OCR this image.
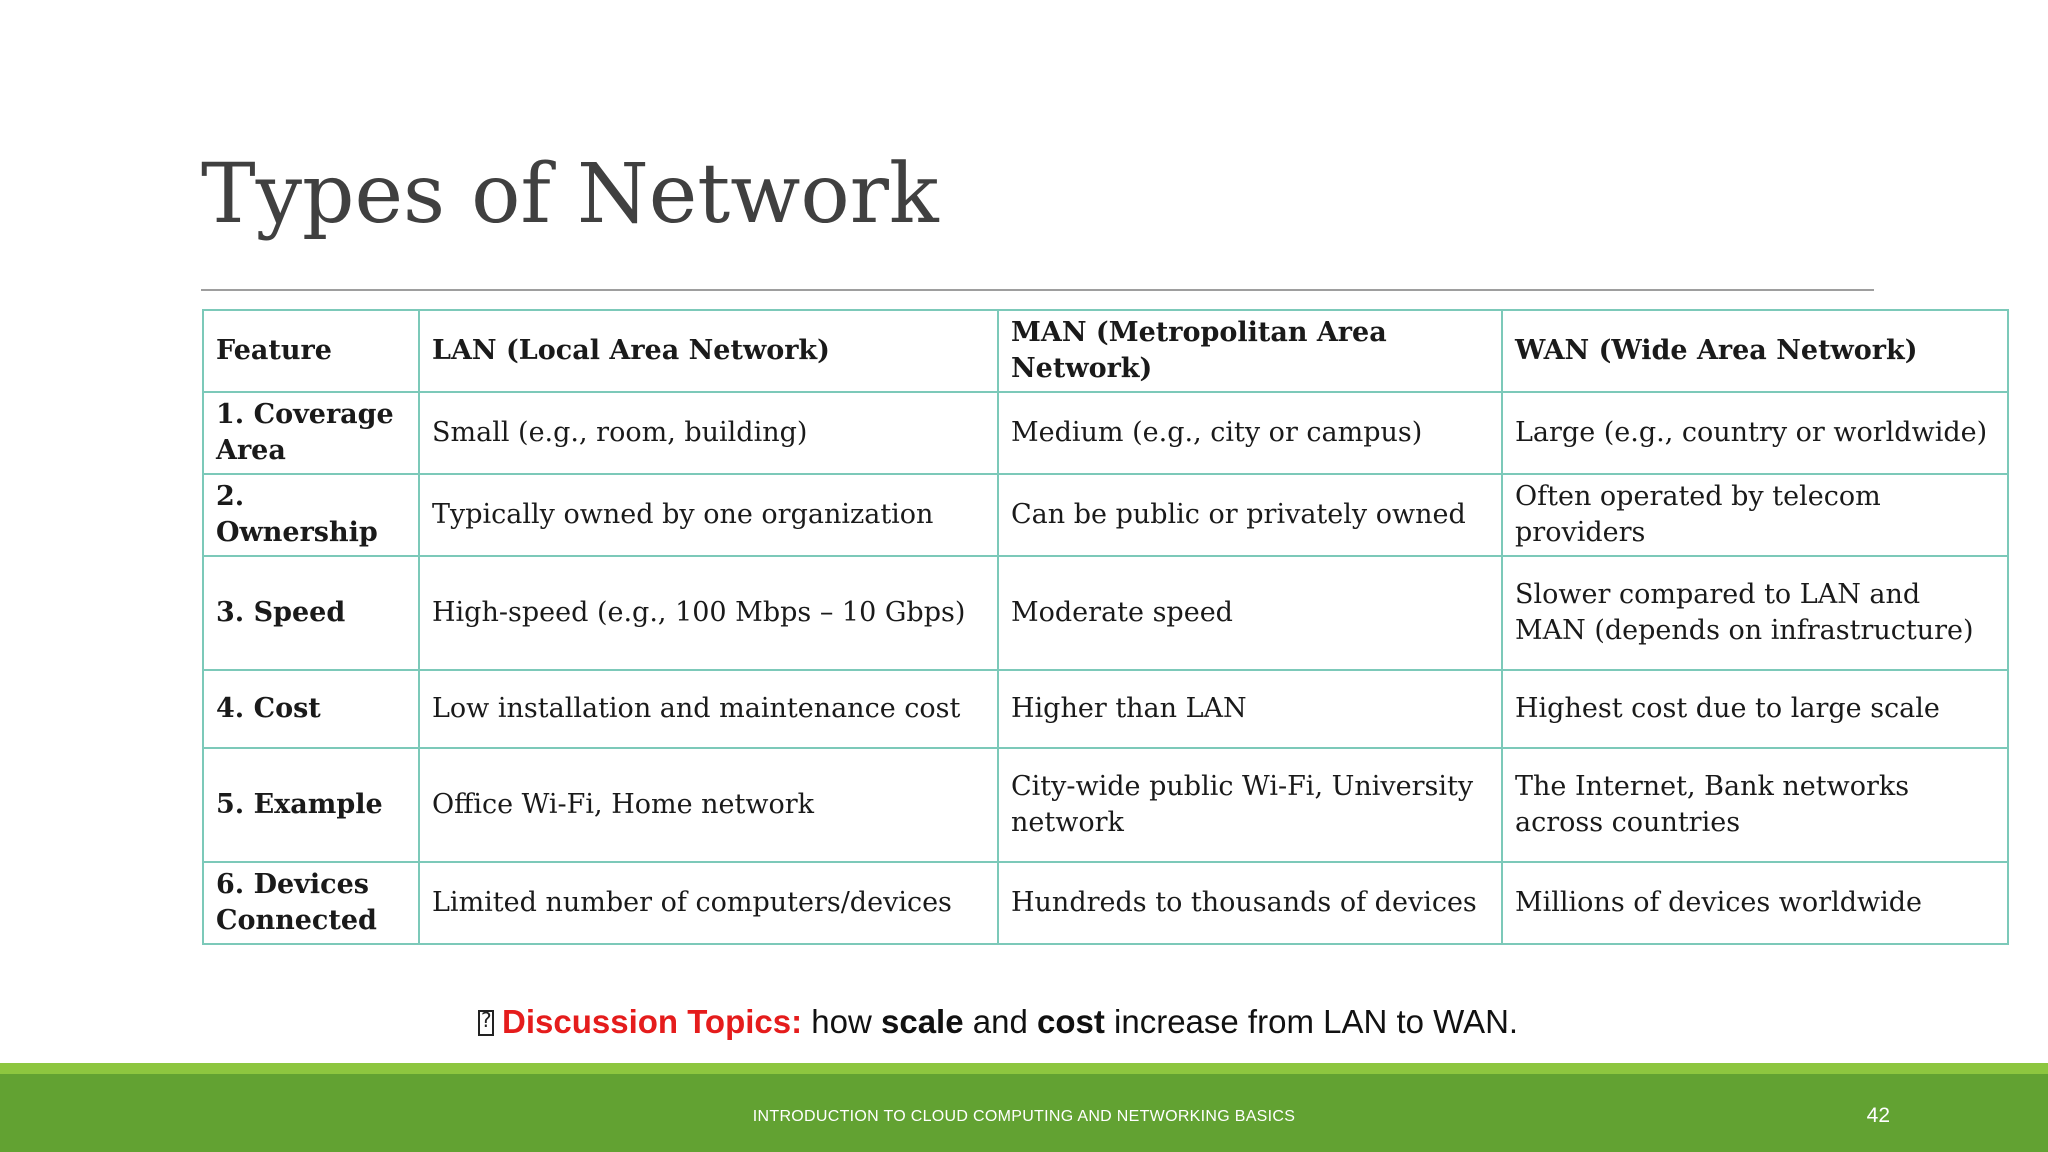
Types of Network
Feature	LAN (Local Area Network)	MAN (Metropolitan Area Network)	WAN (Wide Area Network)
1. Coverage Area	Small (e.g., room, building)	Medium (e.g., city or campus)	Large (e.g., country or worldwide)
2. Ownership	Typically owned by one organization	Can be public or privately owned	Often operated by telecom providers
3. Speed	High-speed (e.g., 100 Mbps – 10 Gbps)	Moderate speed	Slower compared to LAN and MAN (depends on infrastructure)
4. Cost	Low installation and maintenance cost	Higher than LAN	Highest cost due to large scale
5. Example	Office Wi-Fi, Home network	City-wide public Wi-Fi, University network	The Internet, Bank networks across countries
6. Devices Connected	Limited number of computers/devices	Hundreds to thousands of devices	Millions of devices worldwide
?Discussion Topics: how scale and cost increase from LAN to WAN.
INTRODUCTION TO CLOUD COMPUTING AND NETWORKING BASICS	42
